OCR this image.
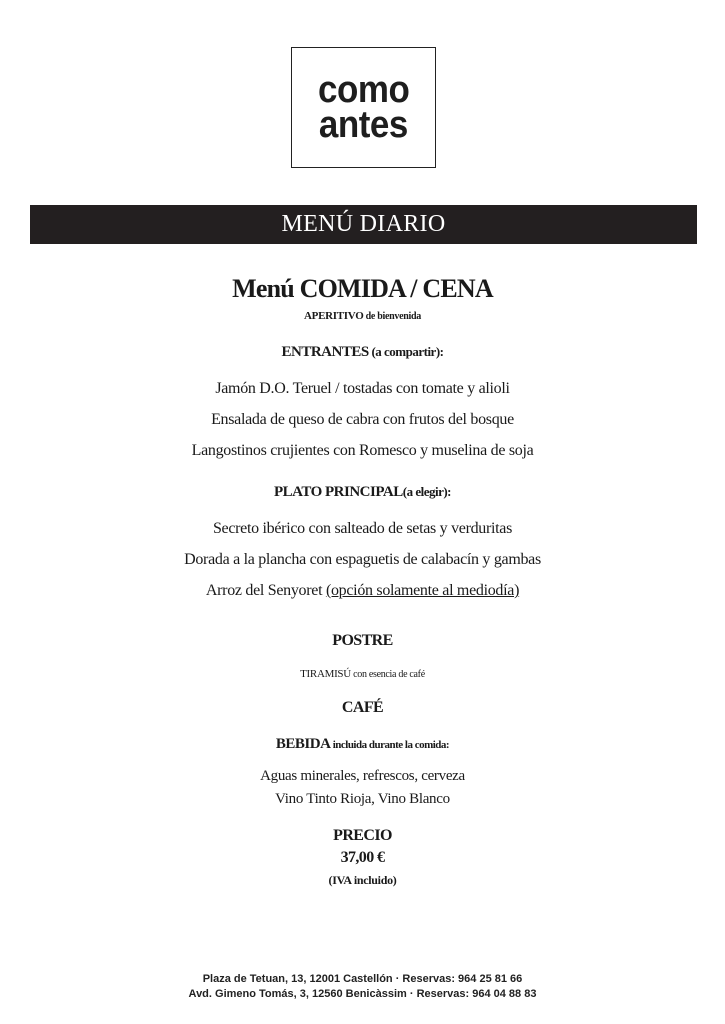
como
antes
MENÚ DIARIO
Menú COMIDA / CENA
APERITIVO de bienvenida
ENTRANTES (a compartir):
Jamón D.O. Teruel / tostadas con tomate y alioli
Ensalada de queso de cabra con frutos del bosque
Langostinos crujientes con Romesco y muselina de soja
PLATO PRINCIPAL(a elegir):
Secreto ibérico con salteado de setas y verduritas
Dorada a la plancha con espaguetis de calabacín y gambas
Arroz del Senyoret (opción solamente al mediodía)
POSTRE
TIRAMISÚ con esencia de café
CAFÉ
BEBIDA incluida durante la comida:
Aguas minerales, refrescos, cerveza
Vino Tinto Rioja, Vino Blanco
PRECIO
37,00 €
(IVA incluido)
Plaza de Tetuan, 13, 12001 Castellón · Reservas: 964 25 81 66
Avd. Gimeno Tomás, 3, 12560 Benicàssim · Reservas: 964 04 88 83
